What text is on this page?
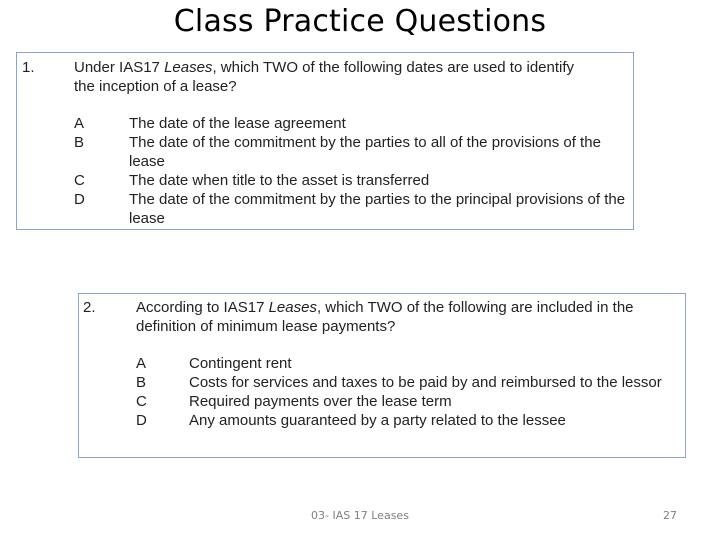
Class Practice Questions
1.	Under IAS17 Leases, which TWO of the following dates are used to identify
the inception of a lease?
A	The date of the lease agreement
B	The date of the commitment by the parties to all of the provisions of the lease
C	The date when title to the asset is transferred
D	The date of the commitment by the parties to the principal provisions of the lease
2.	According to IAS17 Leases, which TWO of the following are included in the
definition of minimum lease payments?
A	Contingent rent
B	Costs for services and taxes to be paid by and reimbursed to the lessor
C	Required payments over the lease term
D	Any amounts guaranteed by a party related to the lessee
03- IAS 17 Leases	27
